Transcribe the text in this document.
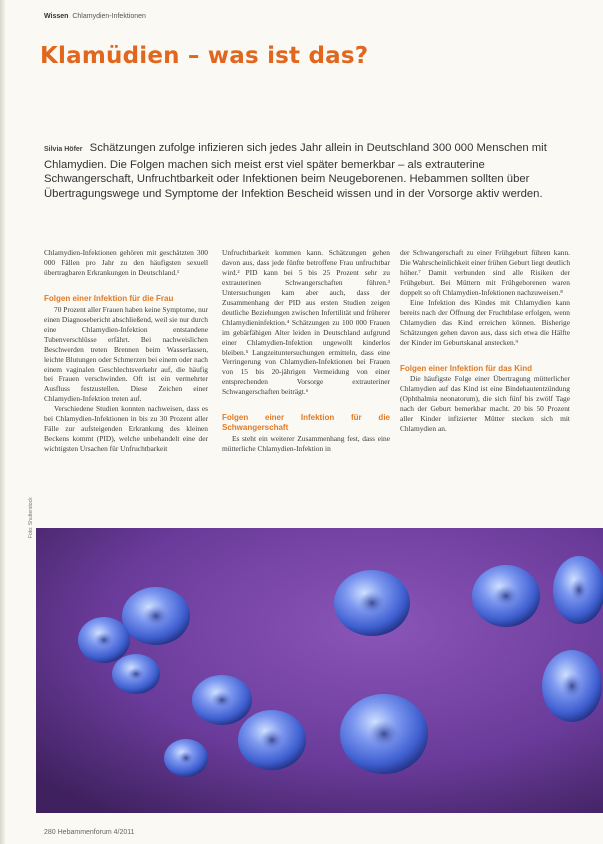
Wissen Chlamydien-Infektionen
Klamüdien – was ist das?
Silvia Höfer Schätzungen zufolge infizieren sich jedes Jahr allein in Deutschland 300 000 Menschen mit Chlamydien. Die Folgen machen sich meist erst viel später bemerkbar – als extrauterine Schwangerschaft, Unfruchtbarkeit oder Infektionen beim Neugeborenen. Hebammen sollten über Übertragungswege und Symptome der Infektion Bescheid wissen und in der Vorsorge aktiv werden.

Chlamydien-Infektionen gehören mit geschätzten 300 000 Fällen pro Jahr zu den häufigsten sexuell übertragbaren Erkrankungen in Deutschland.¹

Folgen einer Infektion für die Frau

70 Prozent aller Frauen haben keine Symptome, nur einen Diagnosebericht abschließend, weil sie nur durch eine Chlamydien-Infektion entstandene Tubenverschlüsse erfährt. Bei nachweislichen Beschwerden treten Brennen beim Wasserlassen, leichte Blutungen oder Schmerzen bei einem oder nach einem vaginalen Geschlechtsverkehr auf, die häufig bei Frauen verschwinden. Oft ist ein vermehrter Ausfluss festzustellen. Diese Zeichen einer Chlamydien-Infektion treten auf.

Verschiedene Studien konnten nachweisen, dass es bei Chlamydien-Infektionen in bis zu 30 Prozent aller Fälle zur aufsteigenden Erkrankung des kleinen Beckens kommt (PID), welche unbehandelt eine der wichtigsten Ursachen für Unfruchtbarkeit

Unfruchtbarkeit kommen kann. Schätzungen gehen davon aus, dass jede fünfte betroffene Frau unfruchtbar wird.² PID kann bei 5 bis 25 Prozent sehr zu extrauterinen Schwangerschaften führen.³ Untersuchungen kam aber auch, dass der Zusammenhang der PID aus ersten Studien zeigen deutliche Beziehungen zwischen Infertilität und früherer Chlamydieninfektion.⁴ Schätzungen zu 100 000 Frauen im gebärfähigen Alter leiden in Deutschland aufgrund einer Chlamydien-Infektion ungewollt kinderlos bleiben.⁵ Langzeituntersuchungen ermitteln, dass eine Verringerung von Chlamydien-Infektionen bei Frauen von 15 bis 20-jährigen Vermeidung von einer entsprechenden Vorsorge extrauteriner Schwangerschaften beiträgt.⁶

Folgen einer Infektion für die Schwangerschaft

Es steht ein weiterer Zusammenhang fest, dass eine mütterliche Chlamydien-Infektion in

der Schwangerschaft zu einer Frühgeburt führen kann. Die Wahrscheinlichkeit einer frühen Geburt liegt deutlich höher.⁷ Damit verbunden sind alle Risiken der Frühgeburt. Bei Müttern mit Frühgeborenen waren doppelt so oft Chlamydien-Infektionen nachzuweisen.⁸

Eine Infektion des Kindes mit Chlamydien kann bereits nach der Öffnung der Fruchtblase erfolgen, wenn Chlamydien das Kind erreichen können. Bisherige Schätzungen gehen davon aus, dass sich etwa die Hälfte der Kinder im Geburtskanal anstecken.⁹

Folgen einer Infektion für das Kind

Die häufigste Folge einer Übertragung mütterlicher Chlamydien auf das Kind ist eine Bindehautentzündung (Ophthalmia neonatorum), die sich fünf bis zwölf Tage nach der Geburt bemerkbar macht. 20 bis 50 Prozent aller Kinder infizierter Mütter stecken sich mit Chlamydien an.

Foto: Shutterstock
280 Hebammenforum 4/2011
